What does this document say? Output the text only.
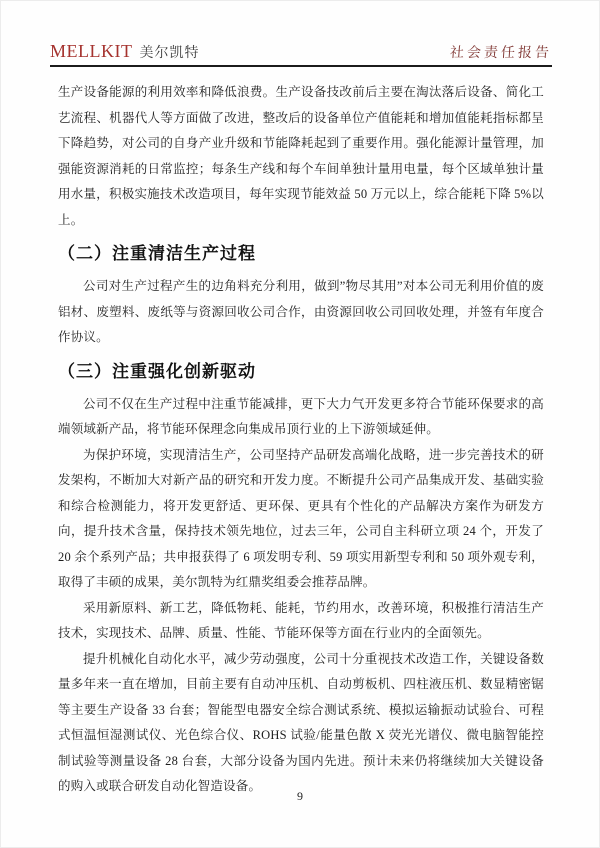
MELLKIT 美尔凯特	社会责任报告

生产设备能源的利用效率和降低浪费。生产设备技改前后主要在淘汰落后设备、简化工艺流程、机器代人等方面做了改进，整改后的设备单位产值能耗和增加值能耗指标都呈下降趋势，对公司的自身产业升级和节能降耗起到了重要作用。强化能源计量管理，加强能资源消耗的日常监控；每条生产线和每个车间单独计量用电量，每个区域单独计量用水量，积极实施技术改造项目，每年实现节能效益 50 万元以上，综合能耗下降 5%以上。

（二）注重清洁生产过程

公司对生产过程产生的边角料充分利用，做到”物尽其用”对本公司无利用价值的废铝材、废塑料、废纸等与资源回收公司合作，由资源回收公司回收处理，并签有年度合作协议。

（三）注重强化创新驱动

公司不仅在生产过程中注重节能减排，更下大力气开发更多符合节能环保要求的高端领域新产品，将节能环保理念向集成吊顶行业的上下游领域延伸。

为保护环境，实现清洁生产，公司坚持产品研发高端化战略，进一步完善技术的研发架构，不断加大对新产品的研究和开发力度。不断提升公司产品集成开发、基础实验和综合检测能力，将开发更舒适、更环保、更具有个性化的产品解决方案作为研发方向，提升技术含量，保持技术领先地位，过去三年，公司自主科研立项 24 个，开发了 20 余个系列产品；共申报获得了 6 项发明专利、59 项实用新型专利和 50 项外观专利，取得了丰硕的成果，美尔凯特为红鼎奖组委会推荐品牌。

采用新原料、新工艺，降低物耗、能耗，节约用水，改善环境，积极推行清洁生产技术，实现技术、品牌、质量、性能、节能环保等方面在行业内的全面领先。

提升机械化自动化水平，减少劳动强度，公司十分重视技术改造工作，关键设备数量多年来一直在增加，目前主要有自动冲压机、自动剪板机、四柱液压机、数显精密锯等主要生产设备 33 台套；智能型电器安全综合测试系统、模拟运输振动试验台、可程式恒温恒湿测试仪、光色综合仪、ROHS 试验/能量色散 X 荧光光谱仪、微电脑智能控制试验等测量设备 28 台套，大部分设备为国内先进。预计未来仍将继续加大关键设备的购入或联合研发自动化智造设备。

9
